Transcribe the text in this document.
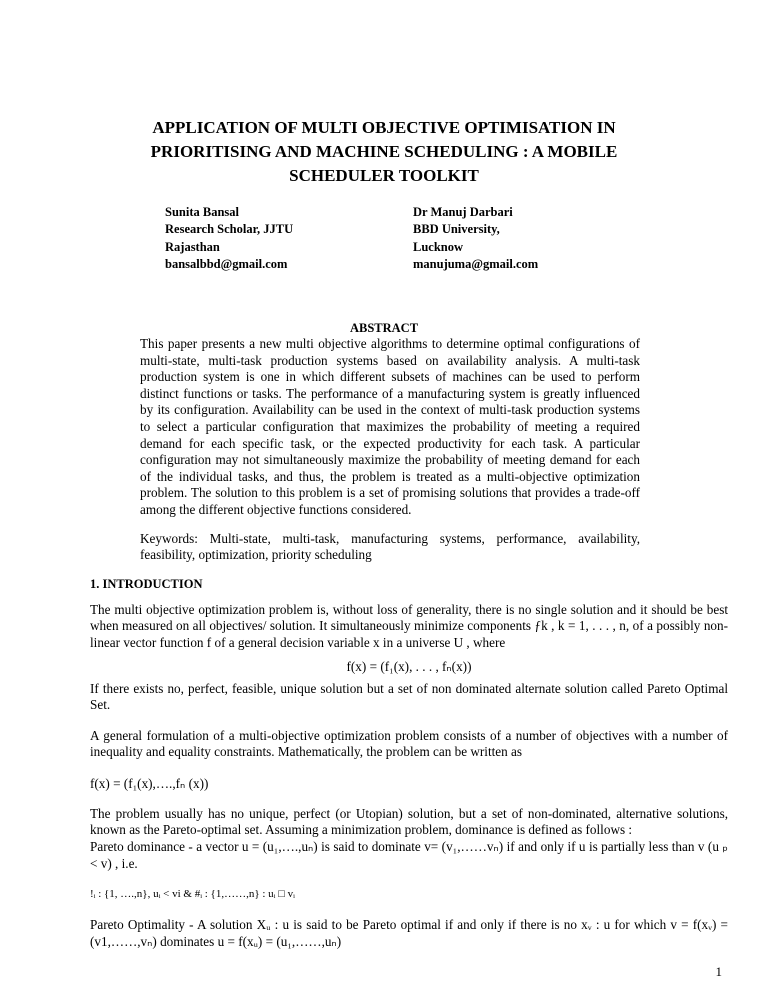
APPLICATION OF MULTI OBJECTIVE OPTIMISATION IN
PRIORITISING AND MACHINE SCHEDULING : A MOBILE
SCHEDULER TOOLKIT
Sunita Bansal
Research Scholar, JJTU
Rajasthan
bansalbbd@gmail.com
Dr Manuj Darbari
BBD University,
Lucknow
manujuma@gmail.com
ABSTRACT

This paper presents a new multi objective algorithms to determine optimal configurations of multi-state, multi-task production systems based on availability analysis. A multi-task production system is one in which different subsets of machines can be used to perform distinct functions or tasks. The performance of a manufacturing system is greatly influenced by its configuration. Availability can be used in the context of multi-task production systems to select a particular configuration that maximizes the probability of meeting a required demand for each specific task, or the expected productivity for each task. A particular configuration may not simultaneously maximize the probability of meeting demand for each of the individual tasks, and thus, the problem is treated as a multi-objective optimization problem. The solution to this problem is a set of promising solutions that provides a trade-off among the different objective functions considered.

Keywords: Multi-state, multi-task, manufacturing systems, performance, availability, feasibility, optimization, priority scheduling

1. INTRODUCTION

The multi objective optimization problem is, without loss of generality, there is no single solution and it should be best when measured on all objectives/ solution. It simultaneously minimize components ƒk , k = 1, . . . , n, of a possibly non-linear vector function f of a general decision variable x in a universe U , where

f(x) = (f₁(x), . . . , fₙ(x))

If there exists no, perfect, feasible, unique solution but a set of non dominated alternate solution called Pareto Optimal Set.

A general formulation of a multi-objective optimization problem consists of a number of objectives with a number of inequality and equality constraints. Mathematically, the problem can be written as

f(x) = (f₁(x),….,fₙ (x))

The problem usually has no unique, perfect (or Utopian) solution, but a set of non-dominated, alternative solutions, known as the Pareto-optimal set. Assuming a minimization problem, dominance is defined as follows :

Pareto dominance - a vector u = (u₁,….,uₙ) is said to dominate v= (v₁,……vₙ) if and only if u is partially less than v (u ₚ < v) , i.e.

!ᵢ : {1, ….,n}, uᵢ < vi & #ᵢ : {1,……,n} : uᵢ □ vᵢ

Pareto Optimality - A solution Xᵤ : u is said to be Pareto optimal if and only if there is no xᵥ : u for which v = f(xᵥ) = (v1,……,vₙ) dominates u = f(xᵤ) = (u₁,……,uₙ)

1
